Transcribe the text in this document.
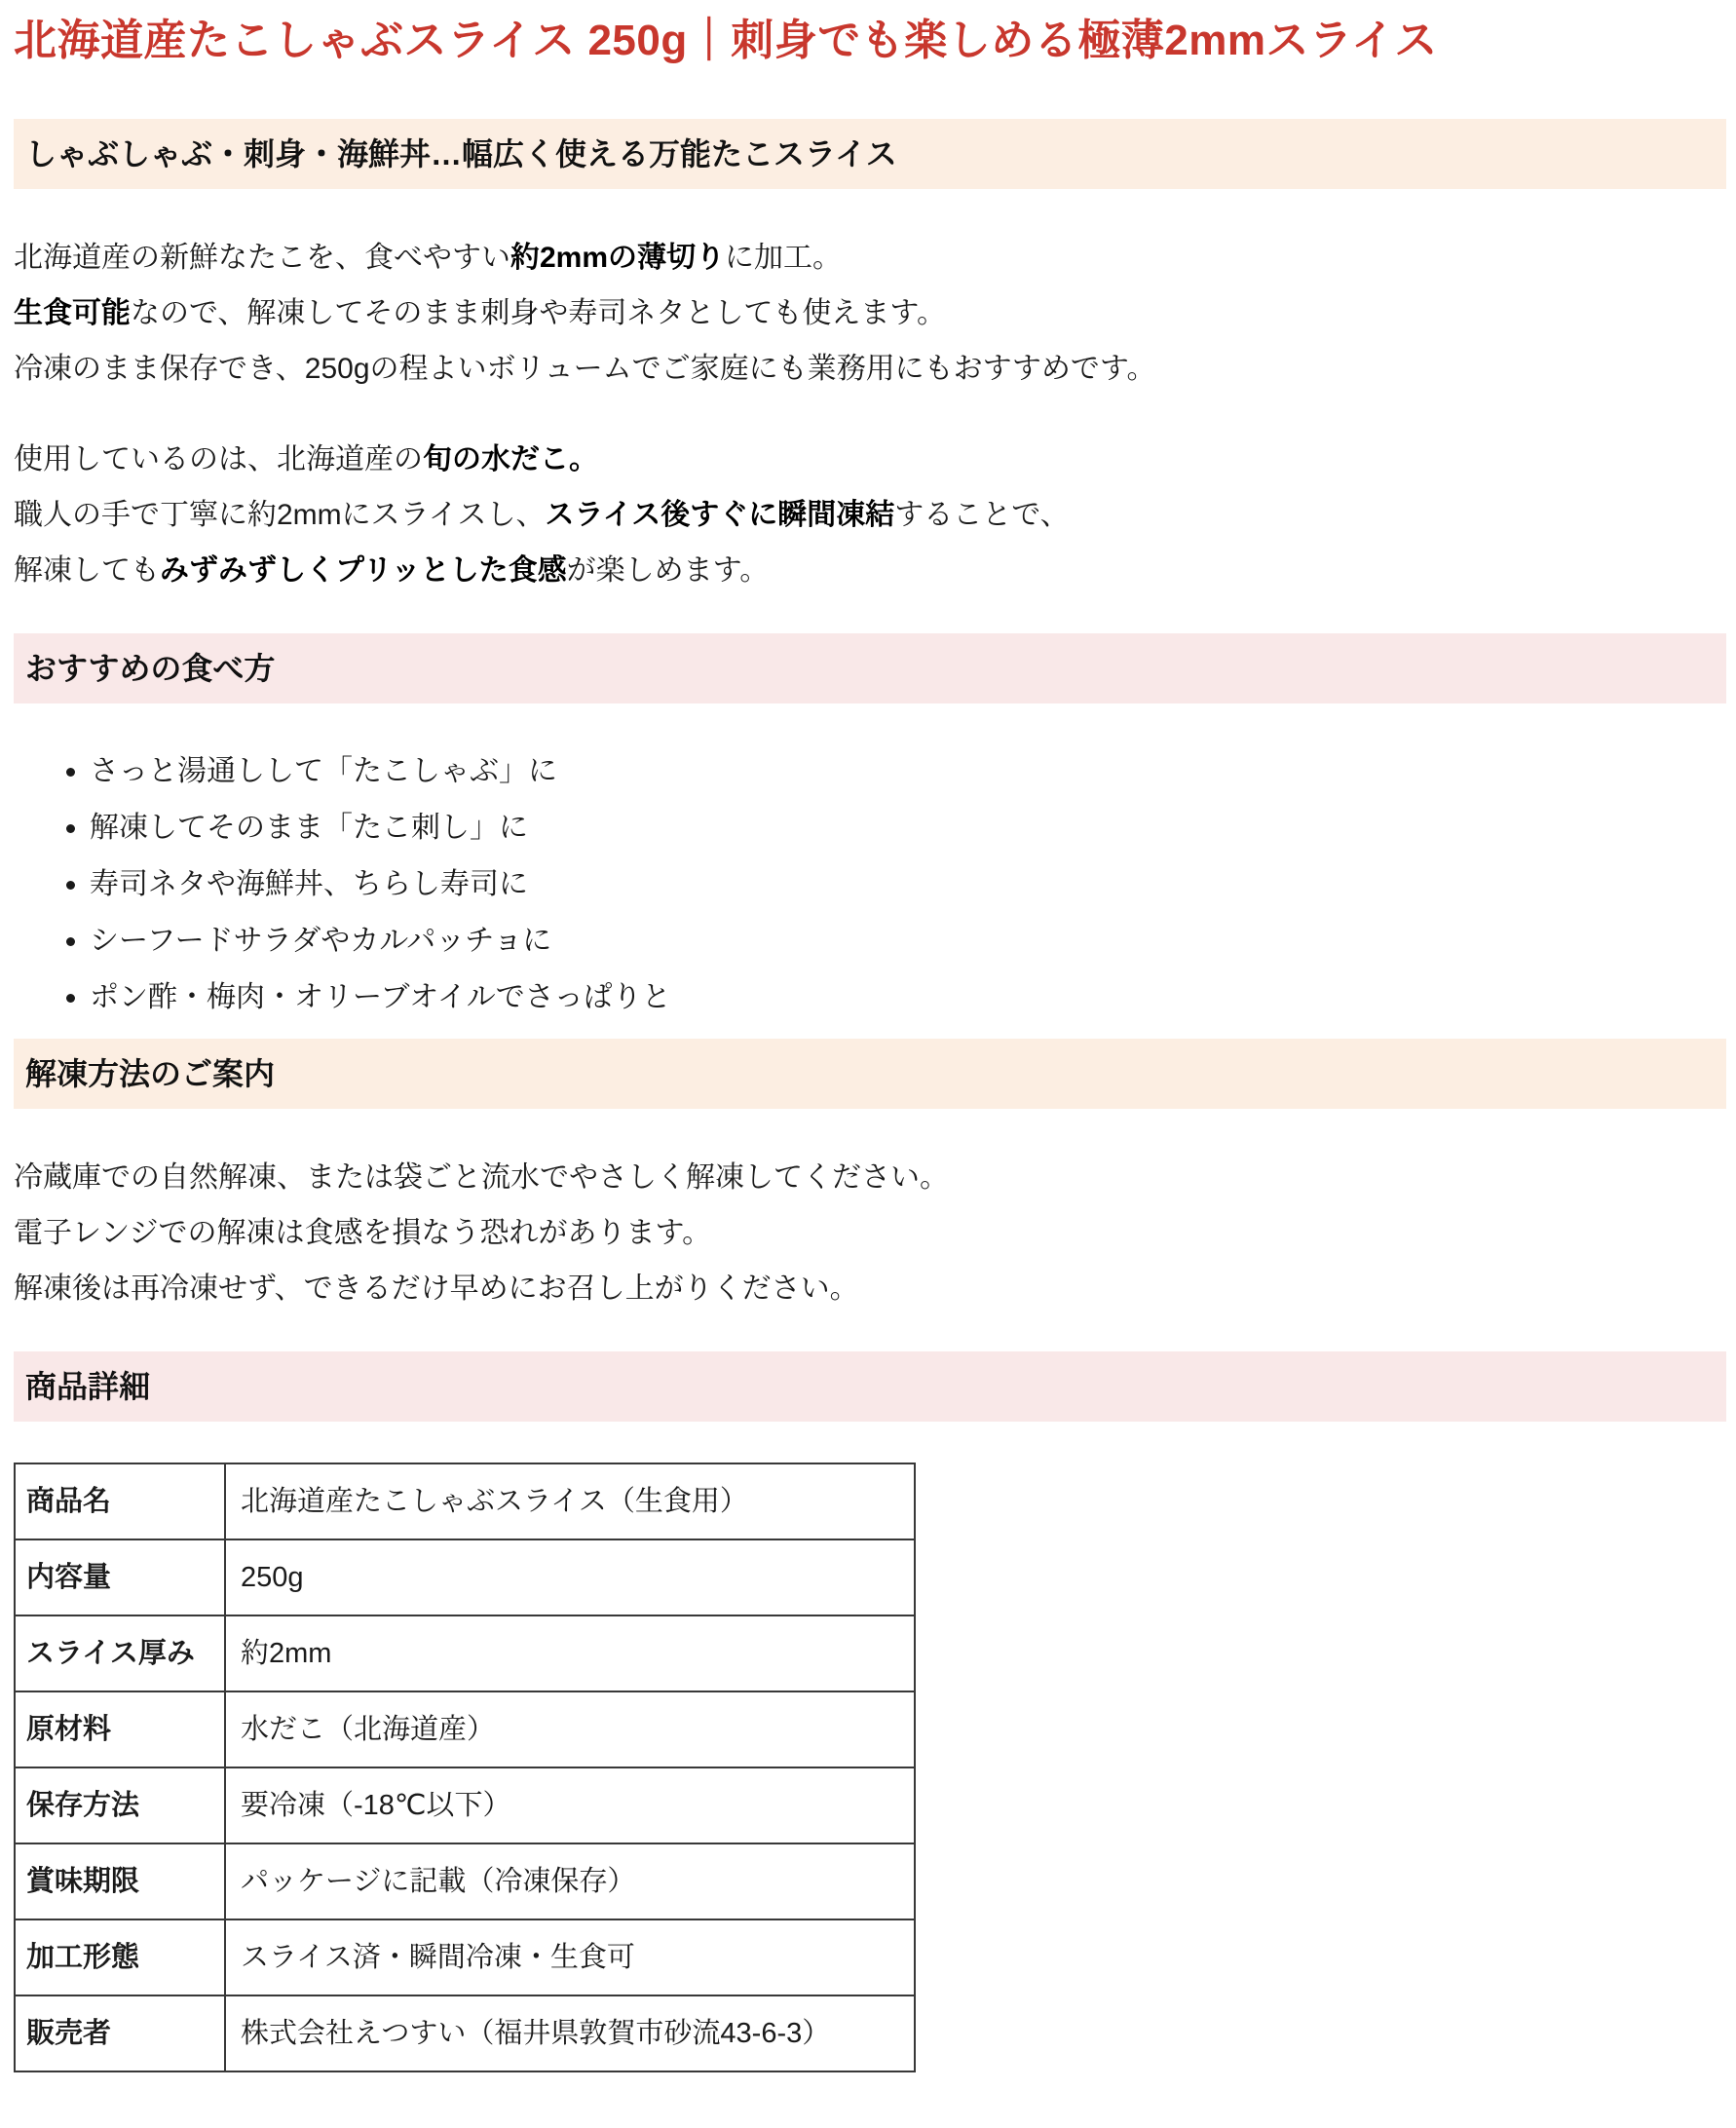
北海道産たこしゃぶスライス 250g｜刺身でも楽しめる極薄2mmスライス
しゃぶしゃぶ・刺身・海鮮丼…幅広く使える万能たこスライス

北海道産の新鮮なたこを、食べやすい約2mmの薄切りに加工。
生食可能なので、解凍してそのまま刺身や寿司ネタとしても使えます。
冷凍のまま保存でき、250gの程よいボリュームでご家庭にも業務用にもおすすめです。

使用しているのは、北海道産の旬の水だこ。
職人の手で丁寧に約2mmにスライスし、スライス後すぐに瞬間凍結することで、
解凍してもみずみずしくプリッとした食感が楽しめます。

おすすめの食べ方
• さっと湯通しして「たこしゃぶ」に
• 解凍してそのまま「たこ刺し」に
• 寿司ネタや海鮮丼、ちらし寿司に
• シーフードサラダやカルパッチョに
• ポン酢・梅肉・オリーブオイルでさっぱりと
解凍方法のご案内

冷蔵庫での自然解凍、または袋ごと流水でやさしく解凍してください。
電子レンジでの解凍は食感を損なう恐れがあります。
解凍後は再冷凍せず、できるだけ早めにお召し上がりください。

商品詳細
商品名	北海道産たこしゃぶスライス（生食用）
内容量	250g
スライス厚み	約2mm
原材料	水だこ（北海道産）
保存方法	要冷凍（-18℃以下）
賞味期限	パッケージに記載（冷凍保存）
加工形態	スライス済・瞬間冷凍・生食可
販売者	株式会社えつすい（福井県敦賀市砂流43-6-3）
